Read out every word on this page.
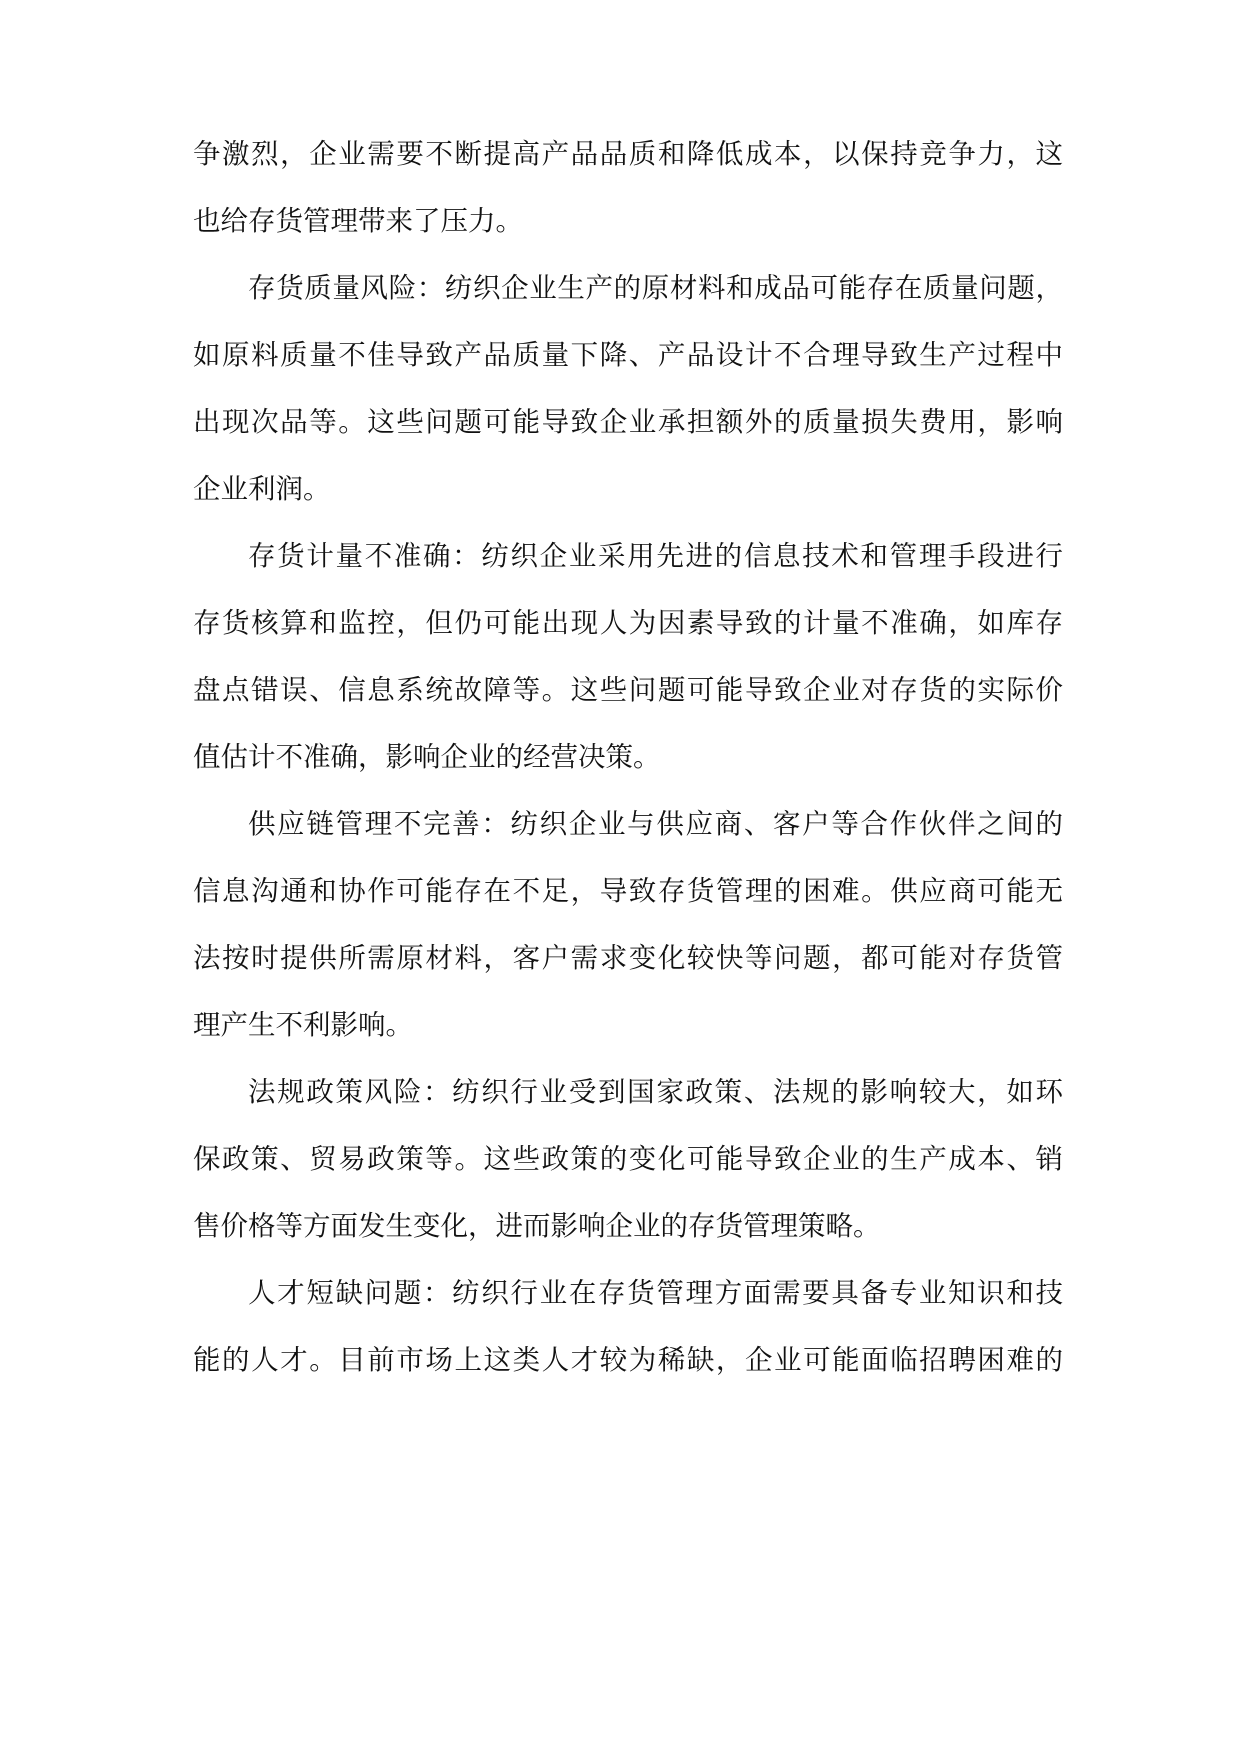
争激烈，企业需要不断提高产品品质和降低成本，以保持竞争力，这
也给存货管理带来了压力。
存货质量风险：纺织企业生产的原材料和成品可能存在质量问题，
如原料质量不佳导致产品质量下降、产品设计不合理导致生产过程中
出现次品等。这些问题可能导致企业承担额外的质量损失费用，影响
企业利润。
存货计量不准确：纺织企业采用先进的信息技术和管理手段进行
存货核算和监控，但仍可能出现人为因素导致的计量不准确，如库存
盘点错误、信息系统故障等。这些问题可能导致企业对存货的实际价
值估计不准确，影响企业的经营决策。
供应链管理不完善：纺织企业与供应商、客户等合作伙伴之间的
信息沟通和协作可能存在不足，导致存货管理的困难。供应商可能无
法按时提供所需原材料，客户需求变化较快等问题，都可能对存货管
理产生不利影响。
法规政策风险：纺织行业受到国家政策、法规的影响较大，如环
保政策、贸易政策等。这些政策的变化可能导致企业的生产成本、销
售价格等方面发生变化，进而影响企业的存货管理策略。
人才短缺问题：纺织行业在存货管理方面需要具备专业知识和技
能的人才。目前市场上这类人才较为稀缺，企业可能面临招聘困难的
